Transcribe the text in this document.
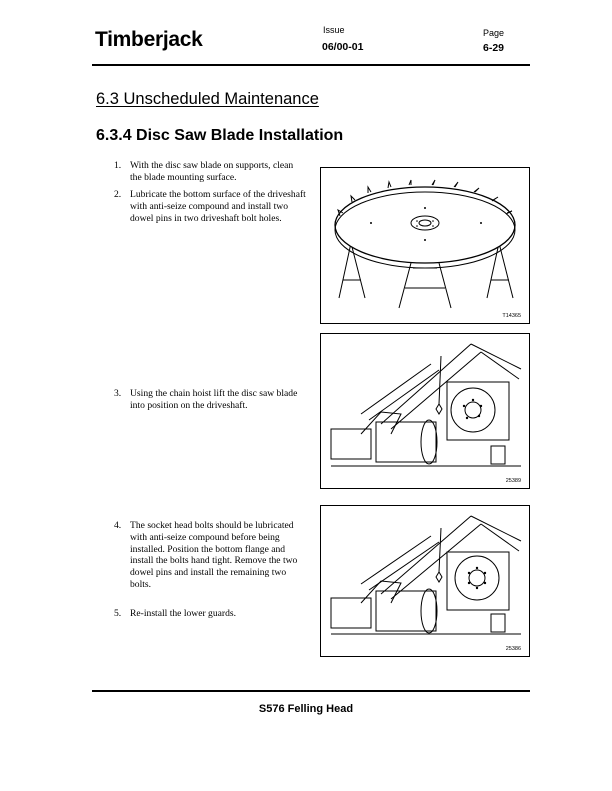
Timberjack	Issue
06/00-01
Page
6-29
6.3 Unscheduled Maintenance
6.3.4 Disc Saw Blade Installation
1. With the disc saw blade on supports, clean the blade mounting surface.
2. Lubricate the bottom surface of the driveshaft with anti-seize compound and install two dowel pins in two driveshaft bolt holes.
3. Using the chain hoist lift the disc saw blade into position on the driveshaft.
4. The socket head bolts should be lubricated with anti-seize compound before being installed. Position the bottom flange and install the bolts hand tight. Remove the two dowel pins and install the remaining two bolts.
5. Re-install the lower guards.
T14365
25389
25386
S576 Felling Head
